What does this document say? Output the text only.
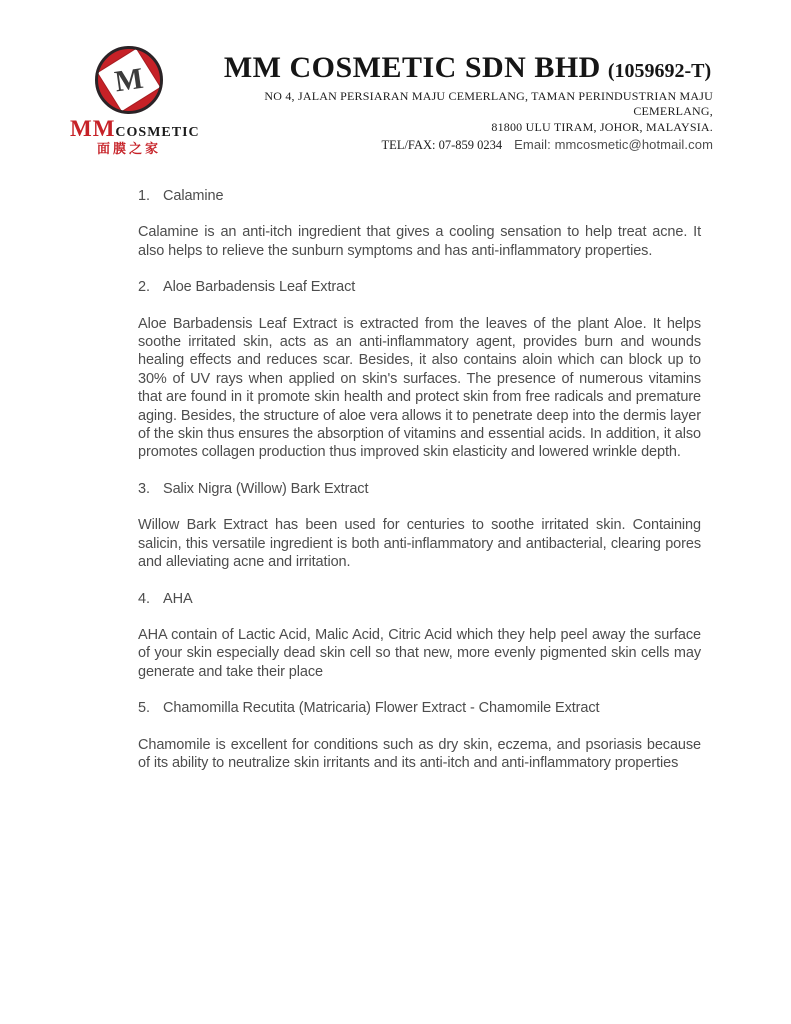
M
MMCOSMETIC
面膜之家
MM COSMETIC SDN BHD (1059692-T)
NO 4, JALAN PERSIARAN MAJU CEMERLANG, TAMAN PERINDUSTRIAN MAJU CEMERLANG,
81800 ULU TIRAM, JOHOR, MALAYSIA.
TEL/FAX: 07-859 0234 Email: mmcosmetic@hotmail.com
1. Calamine

Calamine is an anti-itch ingredient that gives a cooling sensation to help treat acne. It also helps to relieve the sunburn symptoms and has anti-inflammatory properties.

2. Aloe Barbadensis Leaf Extract

Aloe Barbadensis Leaf Extract is extracted from the leaves of the plant Aloe. It helps soothe irritated skin, acts as an anti-inflammatory agent, provides burn and wounds healing effects and reduces scar. Besides, it also contains aloin which can block up to 30% of UV rays when applied on skin's surfaces. The presence of numerous vitamins that are found in it promote skin health and protect skin from free radicals and premature aging. Besides, the structure of aloe vera allows it to penetrate deep into the dermis layer of the skin thus ensures the absorption of vitamins and essential acids. In addition, it also promotes collagen production thus improved skin elasticity and lowered wrinkle depth.

3. Salix Nigra (Willow) Bark Extract

Willow Bark Extract has been used for centuries to soothe irritated skin. Containing salicin, this versatile ingredient is both anti-inflammatory and antibacterial, clearing pores and alleviating acne and irritation.

4. AHA

AHA contain of Lactic Acid, Malic Acid, Citric Acid which they help peel away the surface of your skin especially dead skin cell so that new, more evenly pigmented skin cells may generate and take their place

5. Chamomilla Recutita (Matricaria) Flower Extract - Chamomile Extract

Chamomile is excellent for conditions such as dry skin, eczema, and psoriasis because of its ability to neutralize skin irritants and its anti-itch and anti-inflammatory properties
